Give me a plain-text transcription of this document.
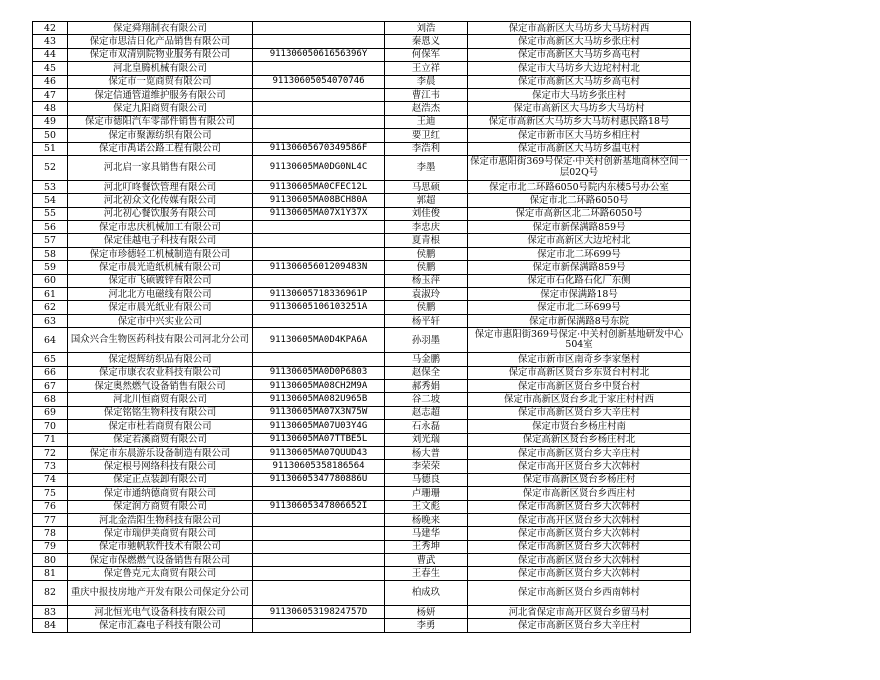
42	保定舜翔制衣有限公司		刘浩	保定市高新区大马坊乡大马坊村西
43	保定市思洁日化产品销售有限公司		秦恩义	保定市高新区大马坊乡张庄村
44	保定市双清别院物业服务有限公司	91130605061656396Y	何保军	保定市高新区大马坊乡高屯村
45	河北皇腾机械有限公司		王立祥	保定市大马坊乡大边坨村村北
46	保定市一览商贸有限公司	91130605054070746	李晨	保定市高新区大马坊乡高屯村
47	保定信通管道维护服务有限公司		曹江韦	保定市大马坊乡张庄村
48	保定九阳商贸有限公司		赵浩杰	保定市高新区大马坊乡大马坊村
49	保定市德阳汽车零部件销售有限公司		王迪	保定市高新区大马坊乡大马坊村惠民路18号
50	保定市聚源纺织有限公司		要卫红	保定市新市区大马坊乡相庄村
51	保定市禹诺公路工程有限公司	91130605670349586F	李浩利	保定市高新区大马坊乡温屯村
52	河北启一家具销售有限公司	91130605MA0DG0NL4C	李墨	保定市惠阳街369号保定·中关村创新基地商林空间一层02Q号
53	河北叮咚餐饮管理有限公司	91130605MA0CFEC12L	马思硕	保定市北二环路6050号院内东楼5号办公室
54	河北初众文化传媒有限公司	91130605MA08BCH80A	郭超	保定市北二环路6050号
55	河北初心餐饮服务有限公司	91130605MA07X1Y37X	刘佳俊	保定市高新区北二环路6050号
56	保定市忠庆机械加工有限公司		李忠庆	保定市新保满路859号
57	保定佳越电子科技有限公司		夏青根	保定市高新区大边坨村北
58	保定市珍德轻工机械制造有限公司		侯鹏	保定市北二环699号
59	保定市晨光造纸机械有限公司	91130605601209483N	侯鹏	保定市新保满路859号
60	保定市飞硕镀锌有限公司		杨玉萍	保定市石化路石化厂东侧
61	河北北方电磁线有限公司	91130605718336961P	袁淑玲	保定市保满路18号
62	保定市晨光纸业有限公司	91130605106103251A	侯鹏	保定市北二环699号
63	保定市中兴实业公司		杨平轩	保定市新保满路8号东院
64	国众兴合生物医药科技有限公司河北分公司	91130605MA0D4KPA6A	孙羽墨	保定市惠阳街369号保定·中关村创新基地研发中心504室
65	保定煜辉纺织品有限公司		马金鹏	保定市新市区南奇乡李家堡村
66	保定市康衣农业科技有限公司	91130605MA0D0P6803	赵保全	保定市高新区贤台乡东贤台村村北
67	保定奥然燃气设备销售有限公司	91130605MA08CH2M9A	郝秀娟	保定市高新区贤台乡中贤台村
68	河北川恒商贸有限公司	91130605MA082U965B	谷二坡	保定市高新区贤台乡北于家庄村村西
69	保定铭铭生物科技有限公司	91130605MA07X3N75W	赵志超	保定市高新区贤台乡大辛庄村
70	保定市杜若商贸有限公司	91130605MA07U03Y4G	石永磊	保定市贤台乡杨庄村南
71	保定若溪商贸有限公司	91130605MA07TTBE5L	刘光瑞	保定高新区贤台乡杨庄村北
72	保定市东晨游乐设备制造有限公司	91130605MA07QUUD43	杨大普	保定市高新区贤台乡大辛庄村
73	保定根号网络科技有限公司	91130605358186564	李荣荣	保定市高开区贤台乡大次韩村
74	保定正点装卸有限公司	91130605347780886U	马德良	保定市高新区贤台乡杨庄村
75	保定市通纳德商贸有限公司		卢珊珊	保定市高新区贤台乡西庄村
76	保定润方商贸有限公司	91130605347806652I	王文彪	保定市高新区贤台乡大次韩村
77	河北金浩阳生物科技有限公司		杨晚来	保定市高开区贤台乡大次韩村
78	保定市瑞伊美商贸有限公司		马建华	保定市高新区贤台乡大次韩村
79	保定市驰帆软件技术有限公司		王秀坤	保定市高新区贤台乡大次韩村
80	保定市保燃燃气设备销售有限公司		曹武	保定市高新区贤台乡大次韩村
81	保定鲁克元太商贸有限公司		王春生	保定市高新区贤台乡大次韩村
82	重庆中报技房地产开发有限公司保定分公司		柏成玖	保定市高新区贤台乡西南韩村
83	河北恒光电气设备科技有限公司	91130605319824757D	杨妍	河北省保定市高开区贤台乡留马村
84	保定市汇森电子科技有限公司		李勇	保定市高新区贤台乡大辛庄村
